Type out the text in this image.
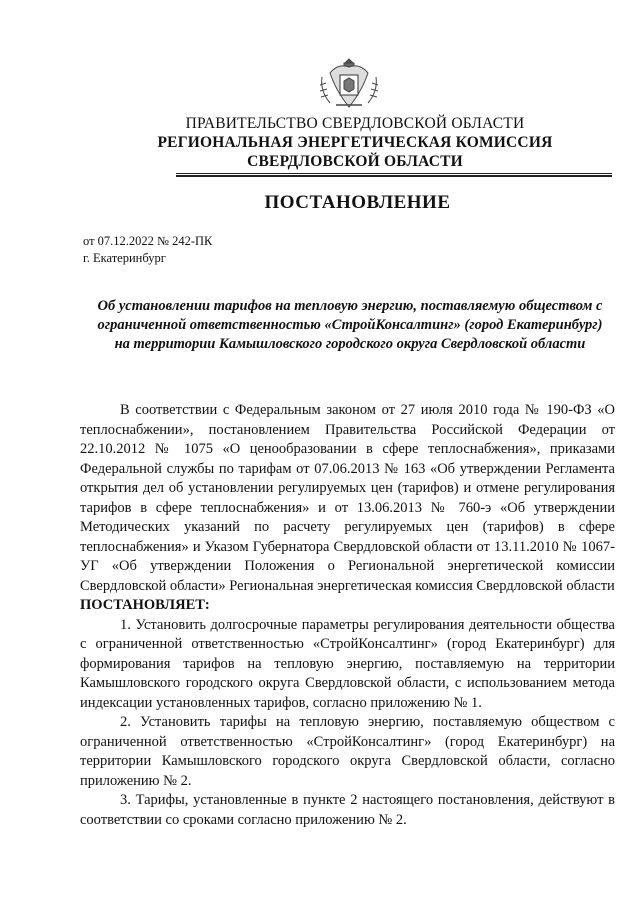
ПРАВИТЕЛЬСТВО СВЕРДЛОВСКОЙ ОБЛАСТИ
РЕГИОНАЛЬНАЯ ЭНЕРГЕТИЧЕСКАЯ КОМИССИЯ
СВЕРДЛОВСКОЙ ОБЛАСТИ
ПОСТАНОВЛЕНИЕ
от 07.12.2022 № 242-ПК
г. Екатеринбург
Об установлении тарифов на тепловую энергию, поставляемую обществом с ограниченной ответственностью «СтройКонсалтинг» (город Екатеринбург) на территории Камышловского городского округа Свердловской области

В соответствии с Федеральным законом от 27 июля 2010 года № 190-ФЗ «О теплоснабжении», постановлением Правительства Российской Федерации от 22.10.2012 № 1075 «О ценообразовании в сфере теплоснабжения», приказами Федеральной службы по тарифам от 07.06.2013 № 163 «Об утверждении Регламента открытия дел об установлении регулируемых цен (тарифов) и отмене регулирования тарифов в сфере теплоснабжения» и от 13.06.2013 № 760-э «Об утверждении Методических указаний по расчету регулируемых цен (тарифов) в сфере теплоснабжения» и Указом Губернатора Свердловской области от 13.11.2010 № 1067-УГ «Об утверждении Положения о Региональной энергетической комиссии Свердловской области» Региональная энергетическая комиссия Свердловской области

ПОСТАНОВЛЯЕТ:

1. Установить долгосрочные параметры регулирования деятельности общества с ограниченной ответственностью «СтройКонсалтинг» (город Екатеринбург) для формирования тарифов на тепловую энергию, поставляемую на территории Камышловского городского округа Свердловской области, с использованием метода индексации установленных тарифов, согласно приложению № 1.

2. Установить тарифы на тепловую энергию, поставляемую обществом с ограниченной ответственностью «СтройКонсалтинг» (город Екатеринбург) на территории Камышловского городского округа Свердловской области, согласно приложению № 2.

3. Тарифы, установленные в пункте 2 настоящего постановления, действуют в соответствии со сроками согласно приложению № 2.
